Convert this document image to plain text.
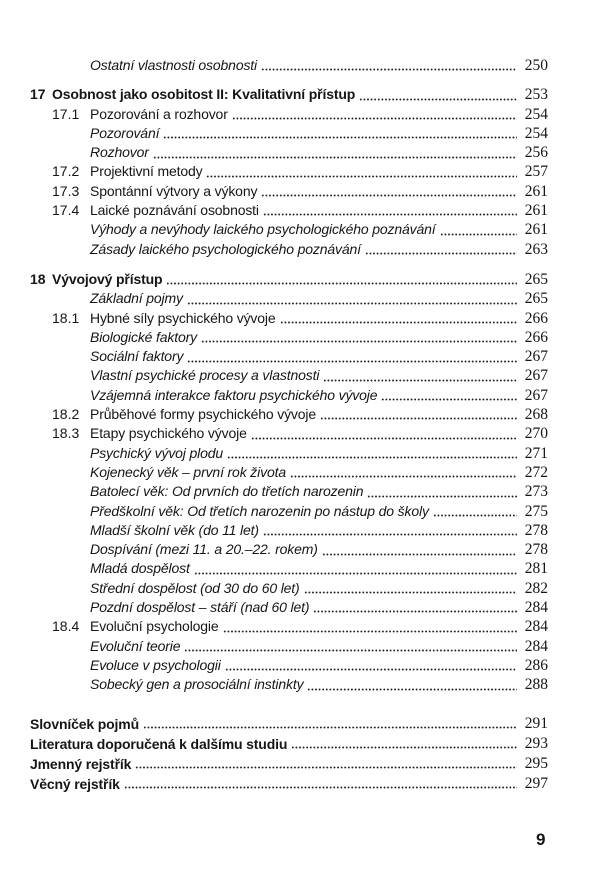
Ostatní vlastnosti osobnosti	250
17 Osobnost jako osobitost II: Kvalitativní přístup	253
17.1 Pozorování a rozhovor	254
Pozorování	254
Rozhovor	256
17.2 Projektivní metody	257
17.3 Spontánní výtvory a výkony	261
17.4 Laické poznávání osobnosti	261
Výhody a nevýhody laického psychologického poznávání	261
Zásady laického psychologického poznávání	263
18 Vývojový přístup	265
Základní pojmy	265
18.1 Hybné síly psychického vývoje	266
Biologické faktory	266
Sociální faktory	267
Vlastní psychické procesy a vlastnosti	267
Vzájemná interakce faktoru psychického vývoje	267
18.2 Průběhové formy psychického vývoje	268
18.3 Etapy psychického vývoje	270
Psychický vývoj plodu	271
Kojenecký věk – první rok života	272
Batolecí věk: Od prvních do třetích narozenin	273
Předškolní věk: Od třetích narozenin po nástup do školy	275
Mladší školní věk (do 11 let)	278
Dospívání (mezi 11. a 20.–22. rokem)	278
Mladá dospělost	281
Střední dospělost (od 30 do 60 let)	282
Pozdní dospělost – stáří (nad 60 let)	284
18.4 Evoluční psychologie	284
Evoluční teorie	284
Evoluce v psychologii	286
Sobecký gen a prosociální instinkty	288
Slovníček pojmů	291
Literatura doporučená k dalšímu studiu	293
Jmenný rejstřík	295
Věcný rejstřík	297
9
